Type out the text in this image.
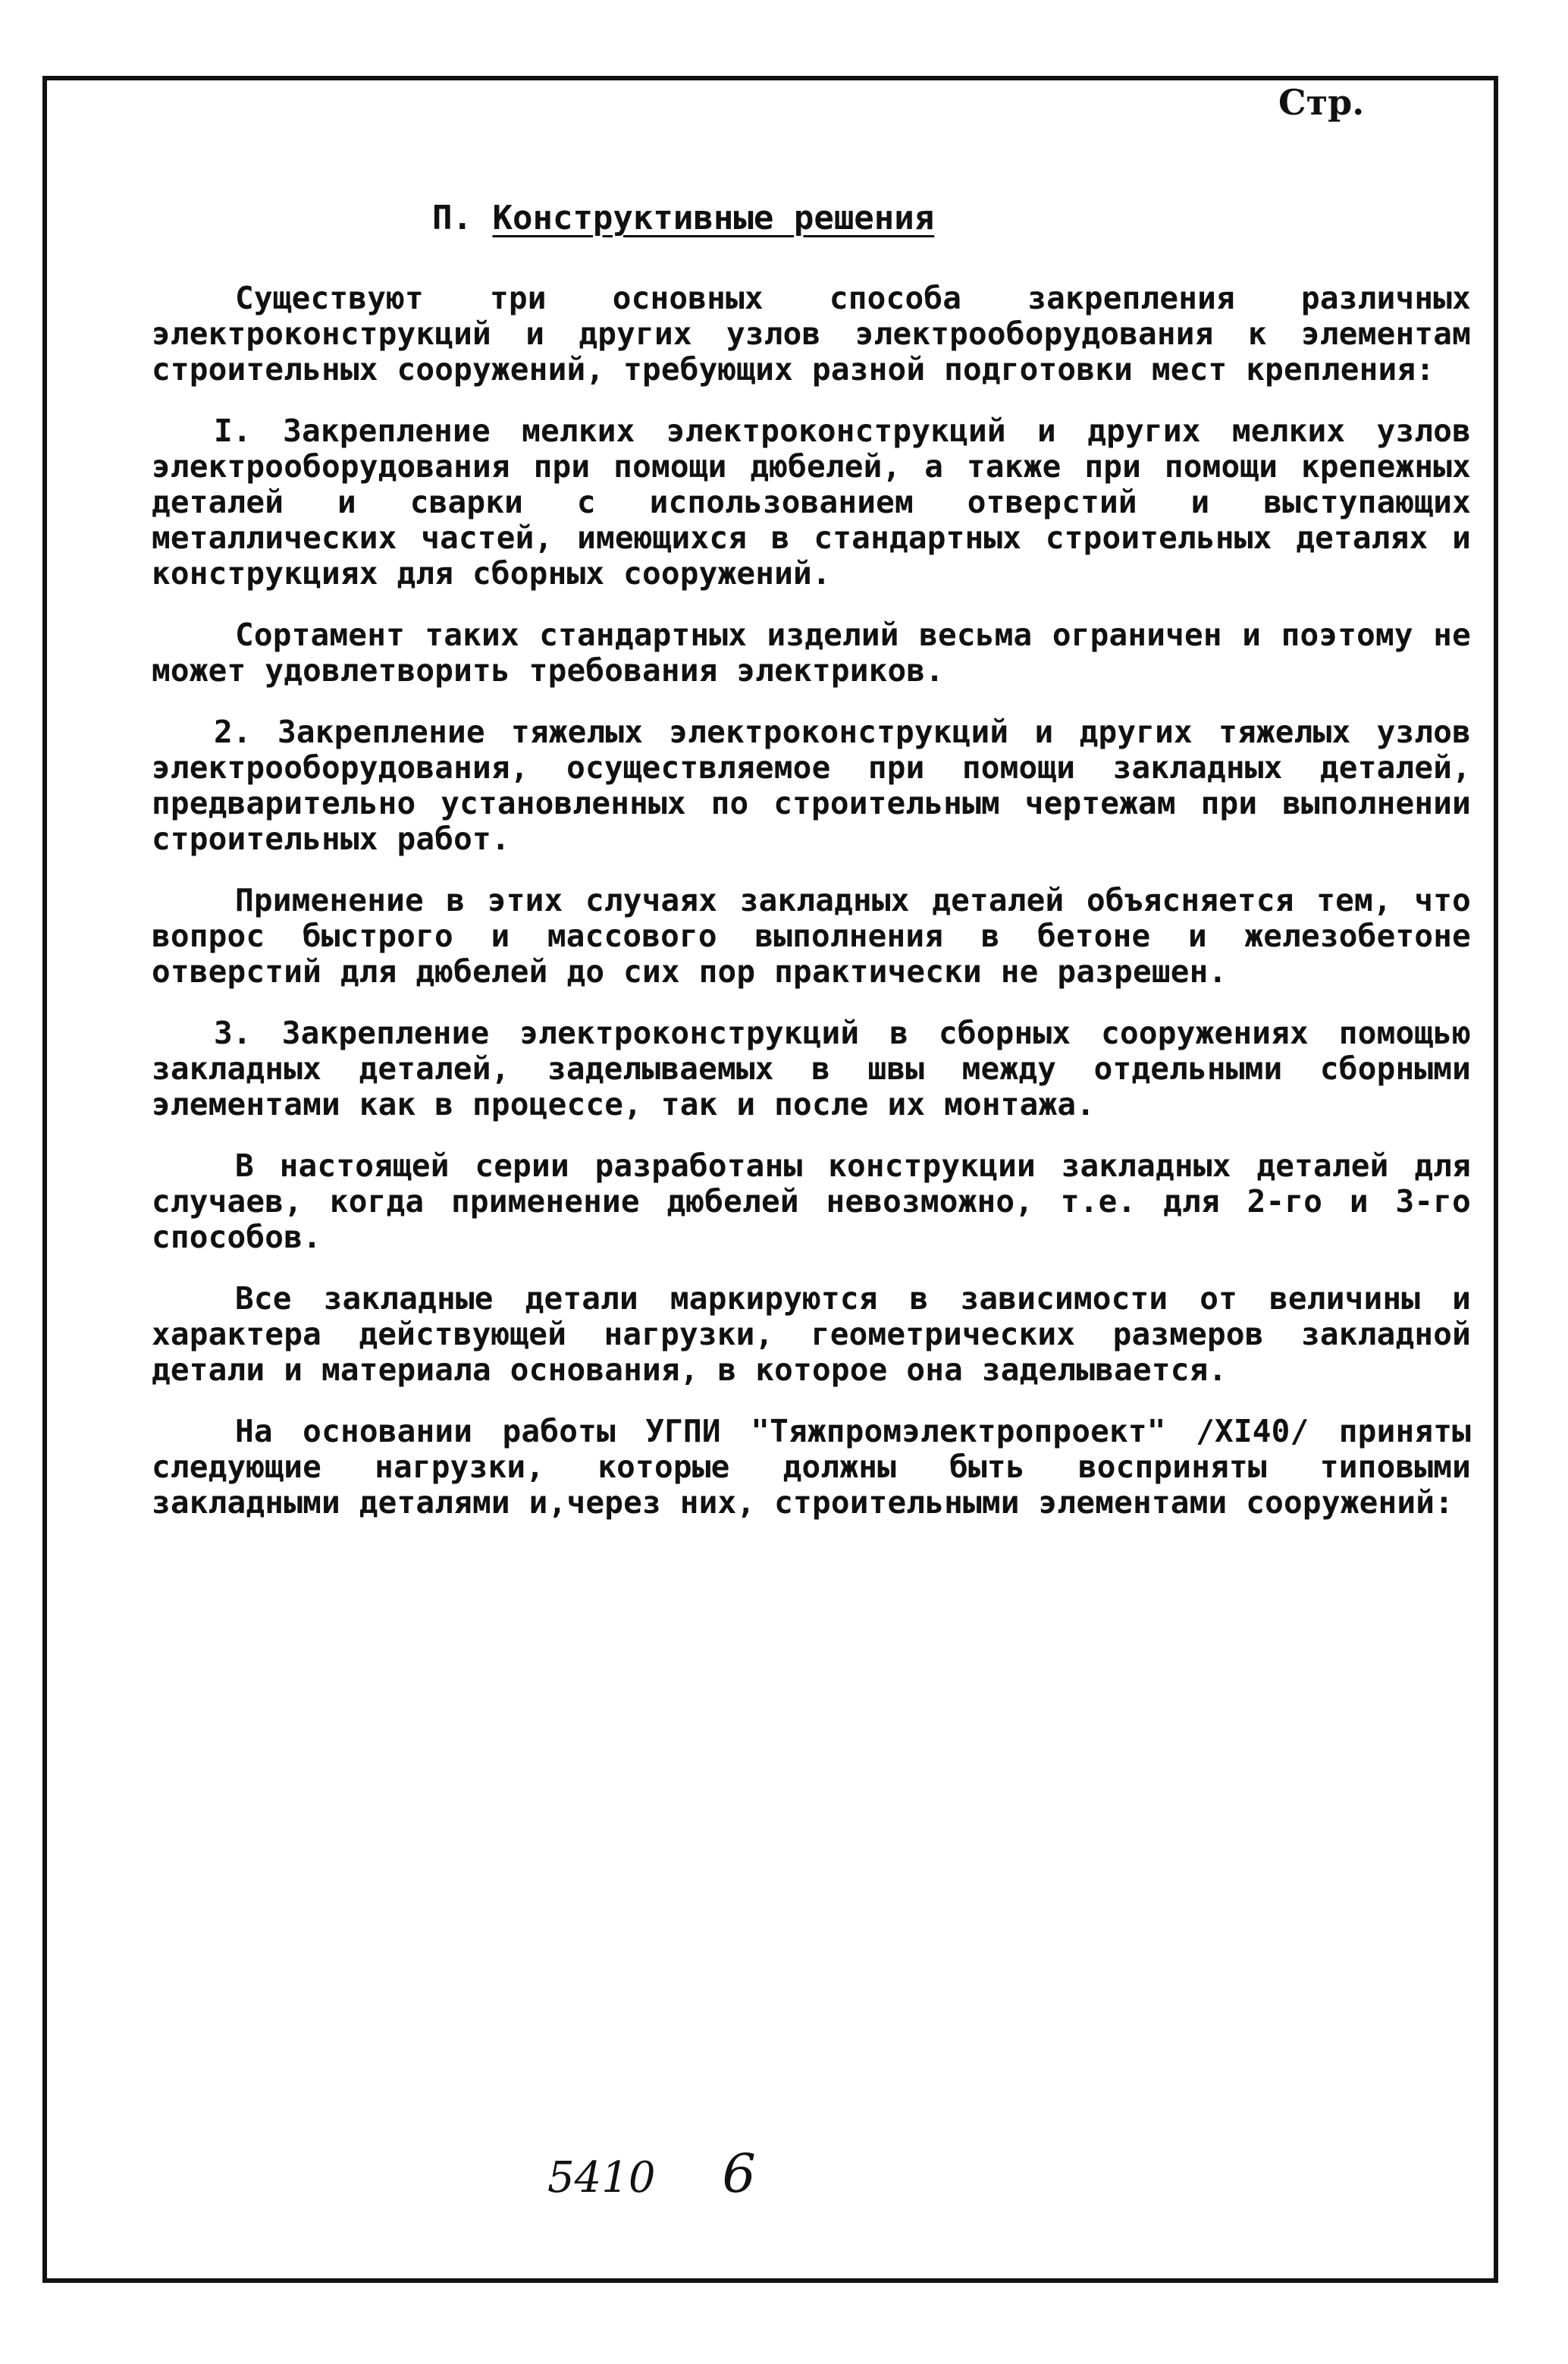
Стр.
П. Конструктивные решения

Существуют три основных способа закрепления различных электроконструкций и других узлов электрооборудования к элементам строительных сооружений, требующих разной подготовки мест крепления:

I. Закрепление мелких электроконструкций и других мелких узлов электрооборудования при помощи дюбелей, а также при помощи крепежных деталей и сварки с использованием отверстий и выступающих металлических частей, имеющихся в стандартных строительных деталях и конструкциях для сборных сооружений.

Сортамент таких стандартных изделий весьма ограничен и поэтому не может удовлетворить требования электриков.

2. Закрепление тяжелых электроконструкций и других тяжелых узлов электрооборудования, осуществляемое при помощи закладных деталей, предварительно установленных по строительным чертежам при выполнении строительных работ.

Применение в этих случаях закладных деталей объясняется тем, что вопрос быстрого и массового выполнения в бетоне и железобетоне отверстий для дюбелей до сих пор практически не разрешен.

3. Закрепление электроконструкций в сборных сооружениях помощью закладных деталей, заделываемых в швы между отдельными сборными элементами как в процессе, так и после их монтажа.

В настоящей серии разработаны конструкции закладных деталей для случаев, когда применение дюбелей невозможно, т.е. для 2-го и 3-го способов.

Все закладные детали маркируются в зависимости от величины и характера действующей нагрузки, геометрических размеров закладной детали и материала основания, в которое она заделывается.

На основании работы УГПИ "Тяжпромэлектропроект" /XI40/ приняты следующие нагрузки, которые должны быть восприняты типовыми закладными деталями и,через них, строительными элементами сооружений:

5410 6
